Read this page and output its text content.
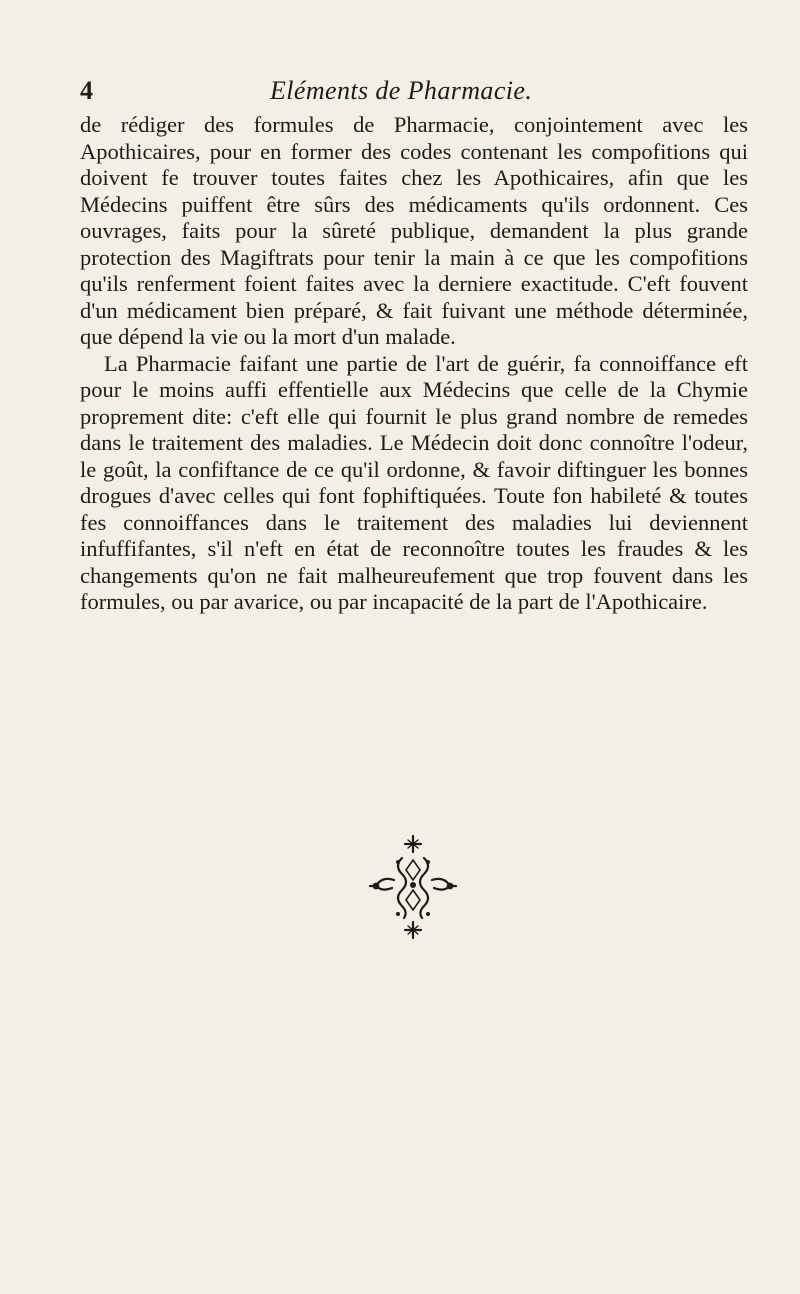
4	Eléments de Pharmacie.

de rédiger des formules de Pharmacie, conjointement avec les Apothicaires, pour en former des codes contenant les compofitions qui doivent fe trouver toutes faites chez les Apothicaires, afin que les Médecins puiffent être sûrs des médicaments qu'ils ordonnent. Ces ouvrages, faits pour la sûreté publique, demandent la plus grande protection des Magiftrats pour tenir la main à ce que les compofitions qu'ils renferment foient faites avec la derniere exactitude. C'eft fouvent d'un médicament bien préparé, & fait fuivant une méthode déterminée, que dépend la vie ou la mort d'un malade.

La Pharmacie faifant une partie de l'art de guérir, fa connoiffance eft pour le moins auffi effentielle aux Médecins que celle de la Chymie proprement dite: c'eft elle qui fournit le plus grand nombre de remedes dans le traitement des maladies. Le Médecin doit donc connoître l'odeur, le goût, la confiftance de ce qu'il ordonne, & favoir diftinguer les bonnes drogues d'avec celles qui font fophiftiquées. Toute fon habileté & toutes fes connoiffances dans le traitement des maladies lui deviennent infuffifantes, s'il n'eft en état de reconnoître toutes les fraudes & les changements qu'on ne fait malheureufement que trop fouvent dans les formules, ou par avarice, ou par incapacité de la part de l'Apothicaire.
